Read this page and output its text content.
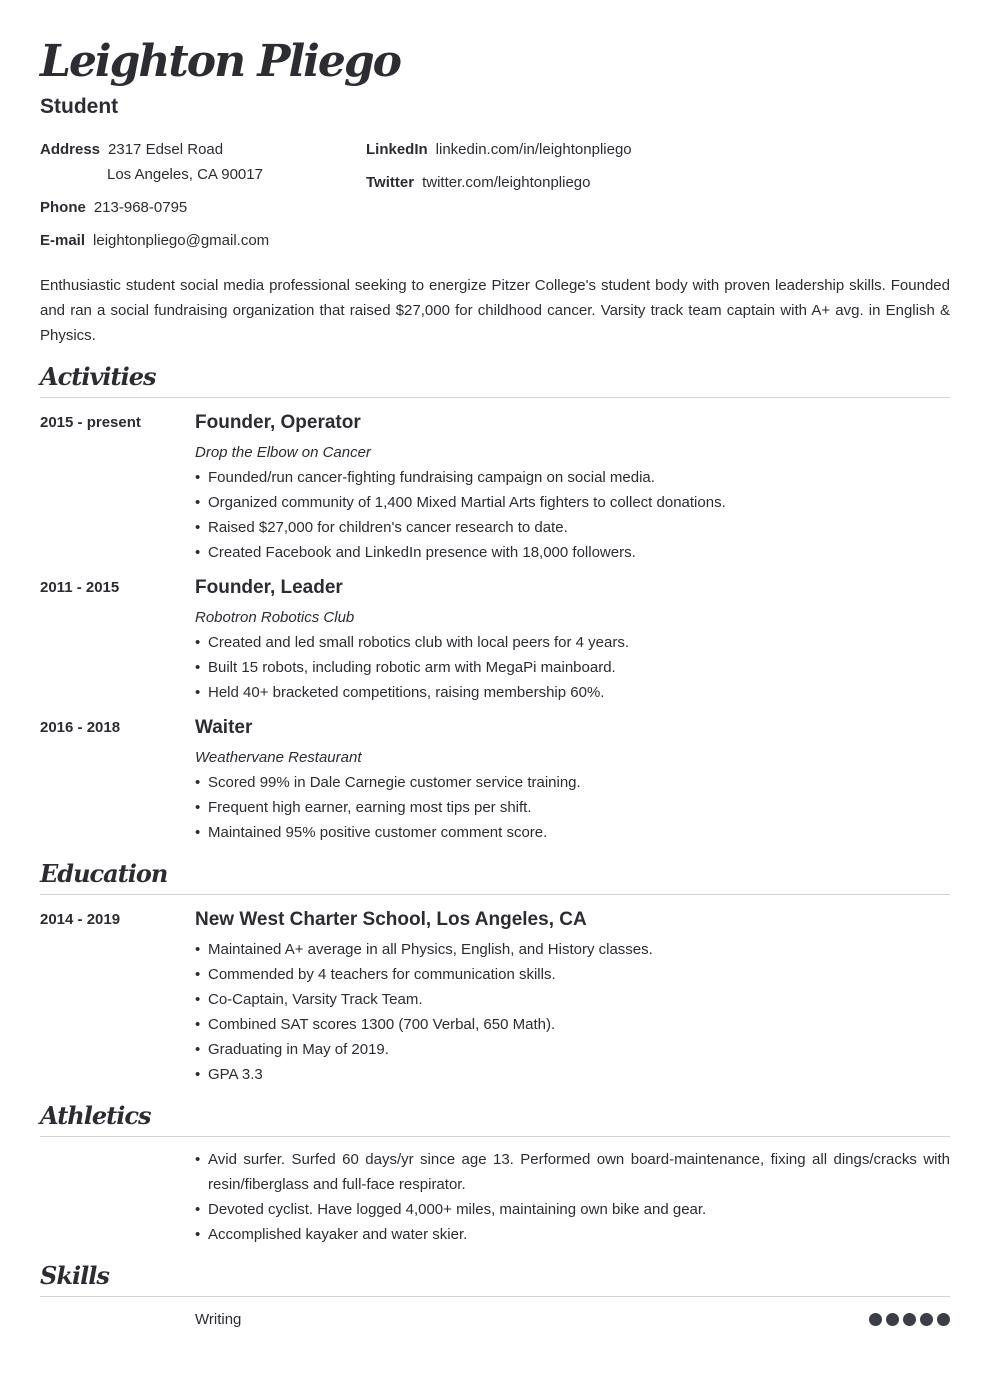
Leighton Pliego
Student
Address 2317 Edsel Road
Los Angeles, CA 90017
Phone 213-968-0795
E-mail leightonpliego@gmail.com
LinkedIn linkedin.com/in/leightonpliego
Twitter twitter.com/leightonpliego

Enthusiastic student social media professional seeking to energize Pitzer College's student body with proven leadership skills. Founded and ran a social fundraising organization that raised $27,000 for childhood cancer. Varsity track team captain with A+ avg. in English & Physics.

Activities
2015 - present	Founder, Operator
Drop the Elbow on Cancer
• Founded/run cancer-fighting fundraising campaign on social media.
• Organized community of 1,400 Mixed Martial Arts fighters to collect donations.
• Raised $27,000 for children's cancer research to date.
• Created Facebook and LinkedIn presence with 18,000 followers.
2011 - 2015	Founder, Leader
Robotron Robotics Club
• Created and led small robotics club with local peers for 4 years.
• Built 15 robots, including robotic arm with MegaPi mainboard.
• Held 40+ bracketed competitions, raising membership 60%.
2016 - 2018	Waiter
Weathervane Restaurant
• Scored 99% in Dale Carnegie customer service training.
• Frequent high earner, earning most tips per shift.
• Maintained 95% positive customer comment score.
Education
2014 - 2019	New West Charter School, Los Angeles, CA
• Maintained A+ average in all Physics, English, and History classes.
• Commended by 4 teachers for communication skills.
• Co-Captain, Varsity Track Team.
• Combined SAT scores 1300 (700 Verbal, 650 Math).
• Graduating in May of 2019.
• GPA 3.3
Athletics
• Avid surfer. Surfed 60 days/yr since age 13. Performed own board-maintenance, fixing all dings/cracks with resin/fiberglass and full-face respirator.
• Devoted cyclist. Have logged 4,000+ miles, maintaining own bike and gear.
• Accomplished kayaker and water skier.
Skills
Writing
